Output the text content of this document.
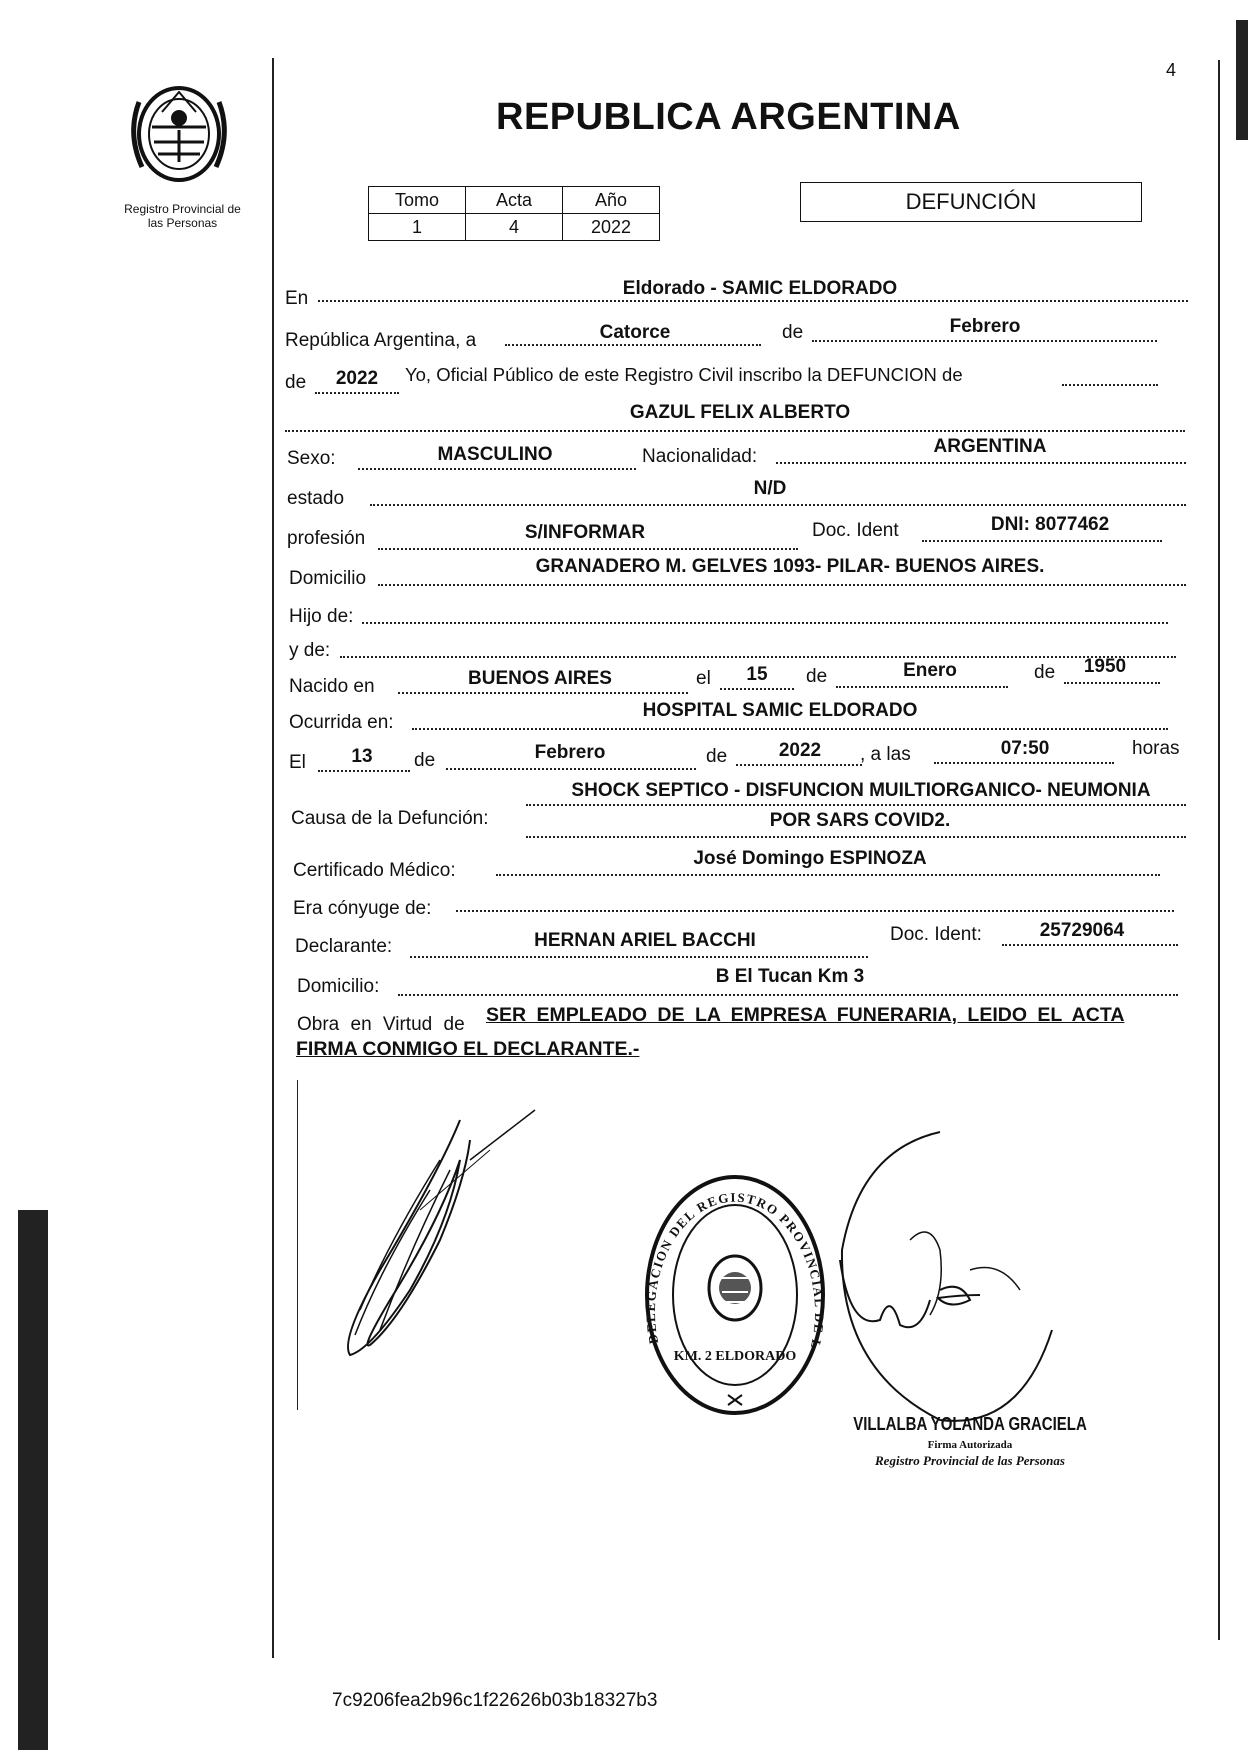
4
Registro Provincial de
las Personas
REPUBLICA ARGENTINA
Tomo	Acta	Año
1	4	2022
DEFUNCIÓN
En	Eldorado - SAMIC ELDORADO
República Argentina, a	Catorce	de	Febrero
de	2022	Yo, Oficial Público de este Registro Civil inscribo la DEFUNCION de
GAZUL FELIX ALBERTO
Sexo:	MASCULINO	Nacionalidad:	ARGENTINA
estado	N/D
profesión	S/INFORMAR	Doc. Ident	DNI: 8077462
Domicilio
GRANADERO M. GELVES 1093- PILAR- BUENOS AIRES.
Hijo de:
y de:
Nacido en	BUENOS AIRES	el	15	de	Enero	de	1950
Ocurrida en:
HOSPITAL SAMIC ELDORADO
El	13	de	Febrero	de	2022	, a las	07:50	horas
Causa de la Defunción:
SHOCK SEPTICO - DISFUNCION MUILTIORGANICO- NEUMONIA
POR SARS COVID2.
Certificado Médico:
José Domingo ESPINOZA
Era cónyuge de:
Declarante:	HERNAN ARIEL BACCHI	Doc. Ident:	25729064
Domicilio:	B El Tucan Km 3
Obra en Virtud de SER EMPLEADO DE LA EMPRESA FUNERARIA, LEIDO EL ACTA
FIRMA CONMIGO EL DECLARANTE.-
DELEGACION DEL REGISTRO PROVINCIAL DE L
KM. 2 ELDORADO
VILLALBA YOLANDA GRACIELA
Firma Autorizada
Registro Provincial de las Personas
7c9206fea2b96c1f22626b03b18327b3
